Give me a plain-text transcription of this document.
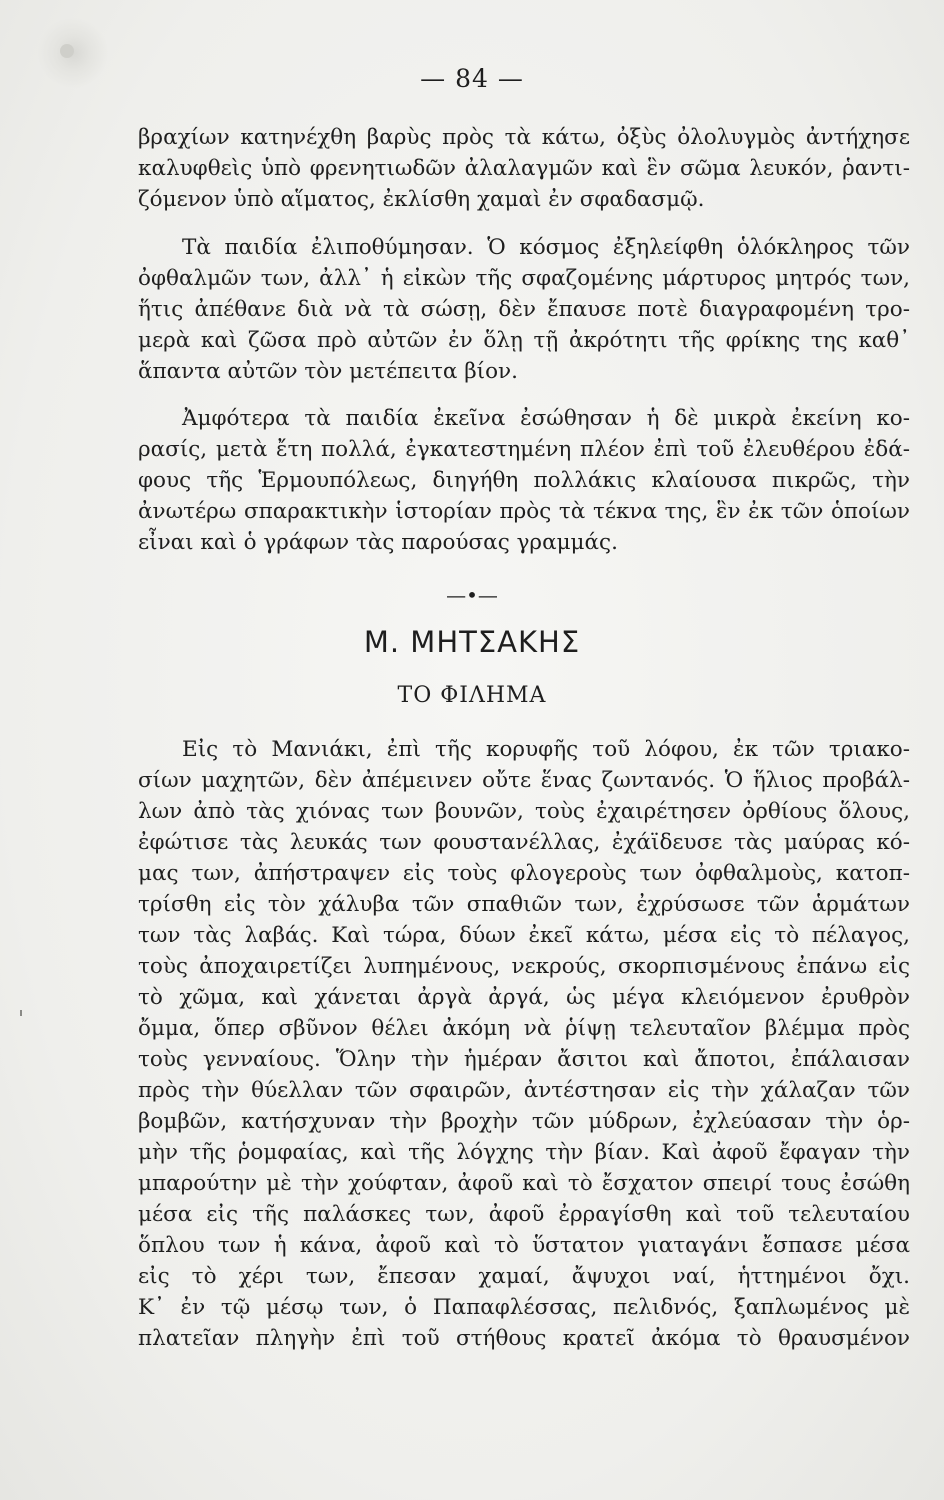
— 84 —
βραχίων κατηνέχθη βαρὺς πρὸς τὰ κάτω, ὀξὺς ὀλολυγμὸς ἀντήχησε
καλυφθεὶς ὑπὸ φρενητιωδῶν ἀλαλαγμῶν καὶ ἓν σῶμα λευκόν, ῥαντι-
ζόμενον ὑπὸ αἵματος, ἐκλίσθη χαμαὶ ἐν σφαδασμῷ.
Τὰ παιδία ἐλιποθύμησαν. Ὁ κόσμος ἐξηλείφθη ὁλόκληρος τῶν
ὀφθαλμῶν των, ἀλλ᾽ ἡ εἰκὼν τῆς σφαζομένης μάρτυρος μητρός των,
ἥτις ἀπέθανε διὰ νὰ τὰ σώσῃ, δὲν ἔπαυσε ποτὲ διαγραφομένη τρο-
μερὰ καὶ ζῶσα πρὸ αὐτῶν ἐν ὅλῃ τῇ ἀκρότητι τῆς φρίκης της καθ᾽
ἅπαντα αὐτῶν τὸν μετέπειτα βίον.
Ἀμφότερα τὰ παιδία ἐκεῖνα ἐσώθησαν ἡ δὲ μικρὰ ἐκείνη κο-
ρασίς, μετὰ ἔτη πολλά, ἐγκατεστημένη πλέον ἐπὶ τοῦ ἐλευθέρου ἐδά-
φους τῆς Ἑρμουπόλεως, διηγήθη πολλάκις κλαίουσα πικρῶς, τὴν
ἀνωτέρω σπαρακτικὴν ἱστορίαν πρὸς τὰ τέκνα της, ἓν ἐκ τῶν ὁποίων
εἶναι καὶ ὁ γράφων τὰς παρούσας γραμμάς.
—•—
Μ. ΜΗΤΣΑΚΗΣ
ΤΟ ΦΙΛΗΜΑ
Εἰς τὸ Μανιάκι, ἐπὶ τῆς κορυφῆς τοῦ λόφου, ἐκ τῶν τριακο-
σίων μαχητῶν, δὲν ἀπέμεινεν οὔτε ἕνας ζωντανός. Ὁ ἥλιος προβάλ-
λων ἀπὸ τὰς χιόνας των βουνῶν, τοὺς ἐχαιρέτησεν ὀρθίους ὅλους,
ἐφώτισε τὰς λευκάς των φουστανέλλας, ἐχάϊδευσε τὰς μαύρας κό-
μας των, ἀπήστραψεν εἰς τοὺς φλογεροὺς των ὀφθαλμοὺς, κατοπ-
τρίσθη εἰς τὸν χάλυβα τῶν σπαθιῶν των, ἐχρύσωσε τῶν ἁρμάτων
των τὰς λαβάς. Καὶ τώρα, δύων ἐκεῖ κάτω, μέσα εἰς τὸ πέλαγος,
τοὺς ἀποχαιρετίζει λυπημένους, νεκρούς, σκορπισμένους ἐπάνω εἰς
τὸ χῶμα, καὶ χάνεται ἀργὰ ἀργά, ὡς μέγα κλειόμενον ἐρυθρὸν
ὄμμα, ὅπερ σβῦνον θέλει ἀκόμη νὰ ῥίψῃ τελευταῖον βλέμμα πρὸς
τοὺς γενναίους. Ὅλην τὴν ἡμέραν ἄσιτοι καὶ ἄποτοι, ἐπάλαισαν
πρὸς τὴν θύελλαν τῶν σφαιρῶν, ἀντέστησαν εἰς τὴν χάλαζαν τῶν
βομβῶν, κατήσχυναν τὴν βροχὴν τῶν μύδρων, ἐχλεύασαν τὴν ὁρ-
μὴν τῆς ῥομφαίας, καὶ τῆς λόγχης τὴν βίαν. Καὶ ἀφοῦ ἔφαγαν τὴν
μπαρούτην μὲ τὴν χούφταν, ἀφοῦ καὶ τὸ ἔσχατον σπειρί τους ἐσώθη
μέσα εἰς τῆς παλάσκες των, ἀφοῦ ἐρραγίσθη καὶ τοῦ τελευταίου
ὅπλου των ἡ κάνα, ἀφοῦ καὶ τὸ ὕστατον γιαταγάνι ἔσπασε μέσα
εἰς τὸ χέρι των, ἔπεσαν χαμαί, ἄψυχοι ναί, ἡττημένοι ὄχι.
Κ᾽ ἐν τῷ μέσῳ των, ὁ Παπαφλέσσας, πελιδνός, ξαπλωμένος μὲ
πλατεῖαν πληγὴν ἐπὶ τοῦ στήθους κρατεῖ ἀκόμα τὸ θραυσμένον
